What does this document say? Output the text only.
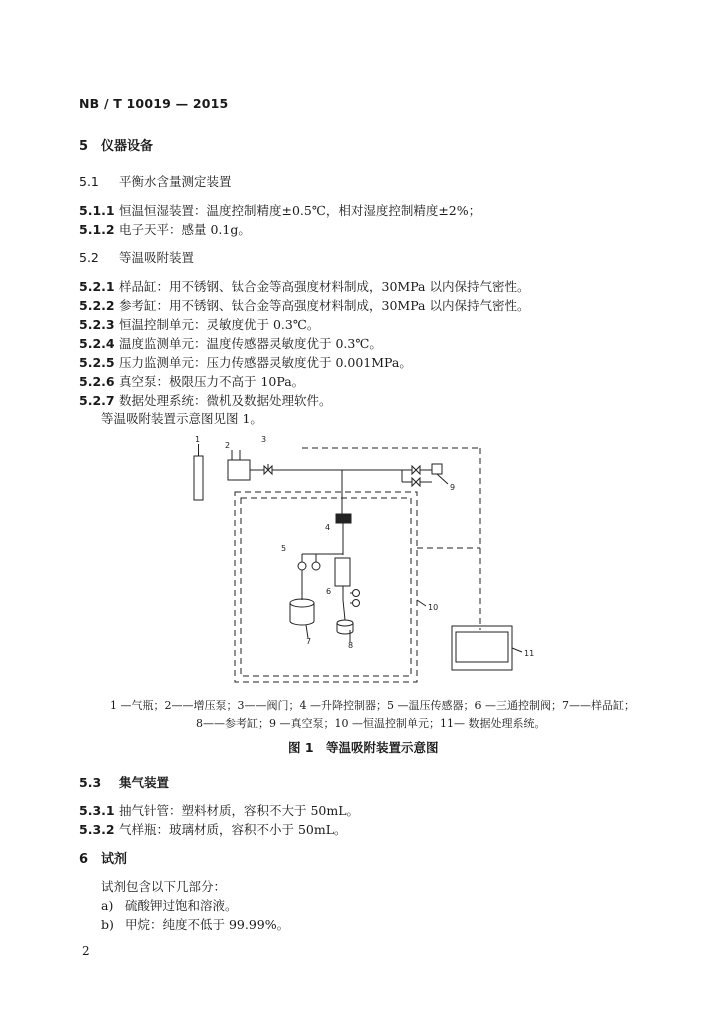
NB / T 10019 — 2015
5 仪器设备
5.1 平衡水含量测定装置
5.1.1 恒温恒湿装置：温度控制精度±0.5℃，相对湿度控制精度±2%；
5.1.2 电子天平：感量 0.1g。
5.2 等温吸附装置
5.2.1 样品缸：用不锈钢、钛合金等高强度材料制成，30MPa 以内保持气密性。
5.2.2 参考缸：用不锈钢、钛合金等高强度材料制成，30MPa 以内保持气密性。
5.2.3 恒温控制单元：灵敏度优于 0.3℃。
5.2.4 温度监测单元：温度传感器灵敏度优于 0.3℃。
5.2.5 压力监测单元：压力传感器灵敏度优于 0.001MPa。
5.2.6 真空泵：极限压力不高于 10Pa。
5.2.7 数据处理系统：微机及数据处理软件。
等温吸附装置示意图见图 1。
1
2
3
4
5
6
7	8
9
10
11
1 —气瓶；2——增压泵；3——阀门；4 —升降控制器；5 —温压传感器；6 —三通控制阀；7——样品缸；
8——参考缸；9 —真空泵；10 —恒温控制单元；11— 数据处理系统。
图 1　等温吸附装置示意图
5.3 集气装置
5.3.1 抽气针管：塑料材质，容积不大于 50mL。
5.3.2 气样瓶：玻璃材质，容积不小于 50mL。
6 试剂
试剂包含以下几部分：
a) 硫酸钾过饱和溶液。
b) 甲烷：纯度不低于 99.99%。
2
